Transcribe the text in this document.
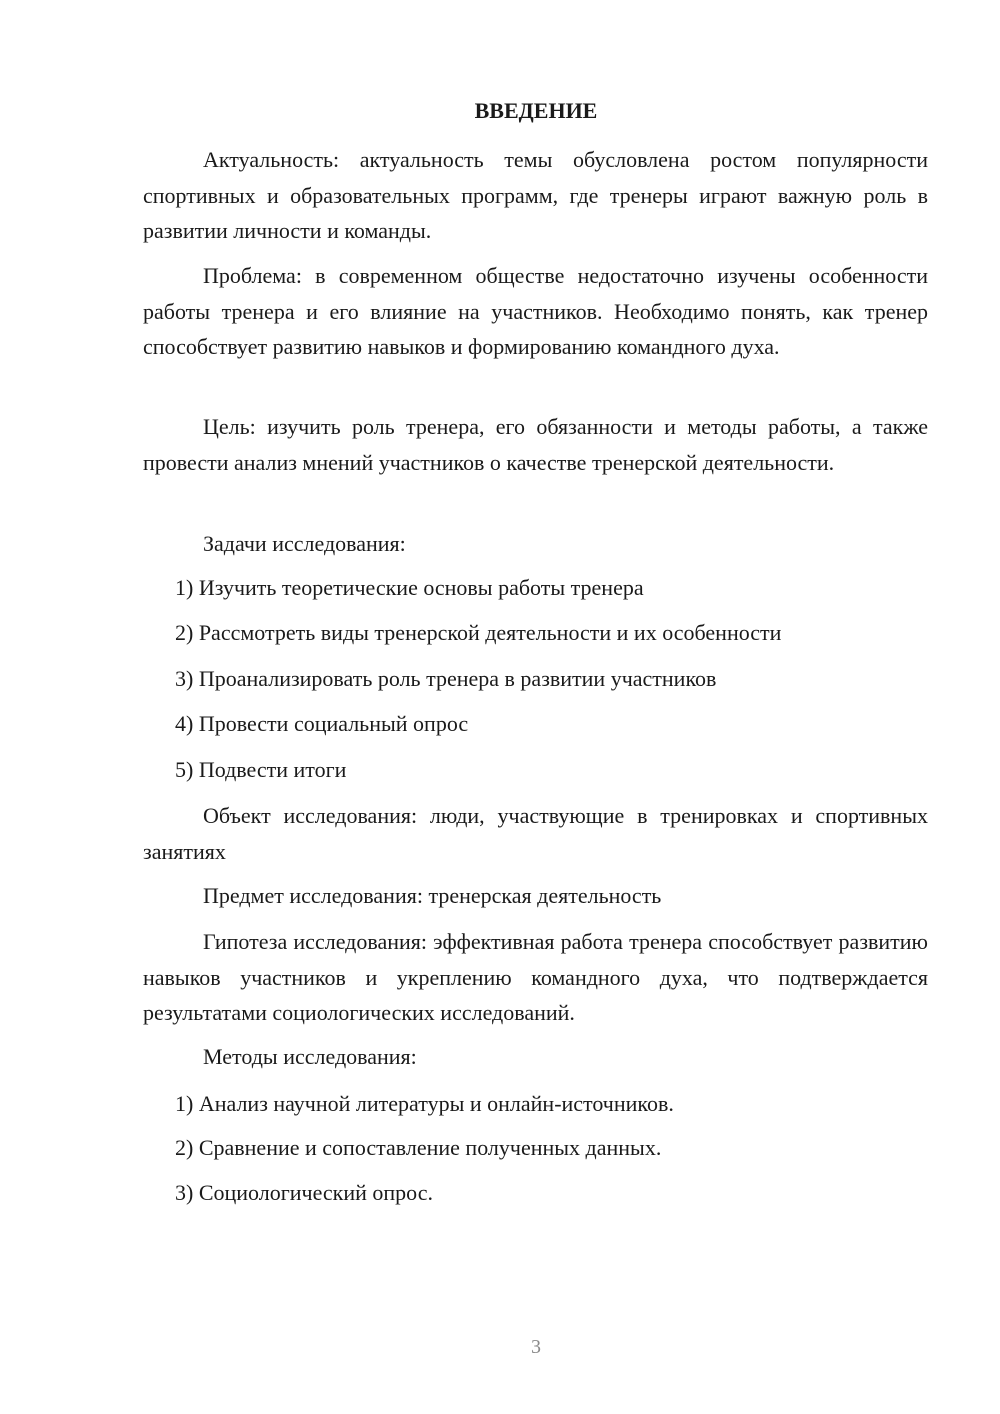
ВВЕДЕНИЕ

Актуальность: актуальность темы обусловлена ростом популярности спортивных и образовательных программ, где тренеры играют важную роль в развитии личности и команды.

Проблема: в современном обществе недостаточно изучены особенности работы тренера и его влияние на участников. Необходимо понять, как тренер способствует развитию навыков и формированию командного духа.

Цель: изучить роль тренера, его обязанности и методы работы, а также провести анализ мнений участников о качестве тренерской деятельности.

Задачи исследования:

1) Изучить теоретические основы работы тренера
2) Рассмотреть виды тренерской деятельности и их особенности
3) Проанализировать роль тренера в развитии участников
4) Провести социальный опрос
5) Подвести итоги

Объект исследования: люди, участвующие в тренировках и спортивных занятиях

Предмет исследования: тренерская деятельность

Гипотеза исследования: эффективная работа тренера способствует развитию навыков участников и укреплению командного духа, что подтверждается результатами социологических исследований.

Методы исследования:

1) Анализ научной литературы и онлайн-источников.
2) Сравнение и сопоставление полученных данных.
3) Социологический опрос.
3
